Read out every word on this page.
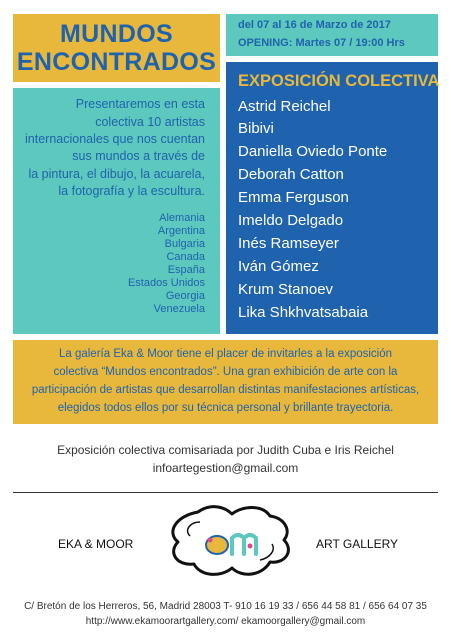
MUNDOS
ENCONTRADOS
del 07 al 16 de Marzo de 2017
OPENING: Martes 07 / 19:00 Hrs
Presentaremos en esta
colectiva 10 artistas
internacionales que nos cuentan
sus mundos a través de
la pintura, el dibujo, la acuarela,
la fotografía y la escultura.
Alemania
Argentina
Bulgaria
Canada
España
Estados Unidos
Georgia
Venezuela
EXPOSICIÓN COLECTIVA
Astrid Reichel
Bibivi
Daniella Oviedo Ponte
Deborah Catton
Emma Ferguson
Imeldo Delgado
Inés Ramseyer
Iván Gómez
Krum Stanoev
Lika Shkhvatsabaia
La galería Eka & Moor tiene el placer de invitarles a la exposición
colectiva “Mundos encontrados”. Una gran exhibición de arte con la
participación de artistas que desarrollan distintas manifestaciones artísticas,
elegidos todos ellos por su técnica personal y brillante trayectoria.
Exposición colectiva comisariada por Judith Cuba e Iris Reichel
infoartegestion@gmail.com
EKA & MOOR	ART GALLERY
C/ Bretón de los Herreros, 56, Madrid 28003 T- 910 16 19 33 / 656 44 58 81 / 656 64 07 35
http://www.ekamoorartgallery.com/ ekamoorgallery@gmail.com
